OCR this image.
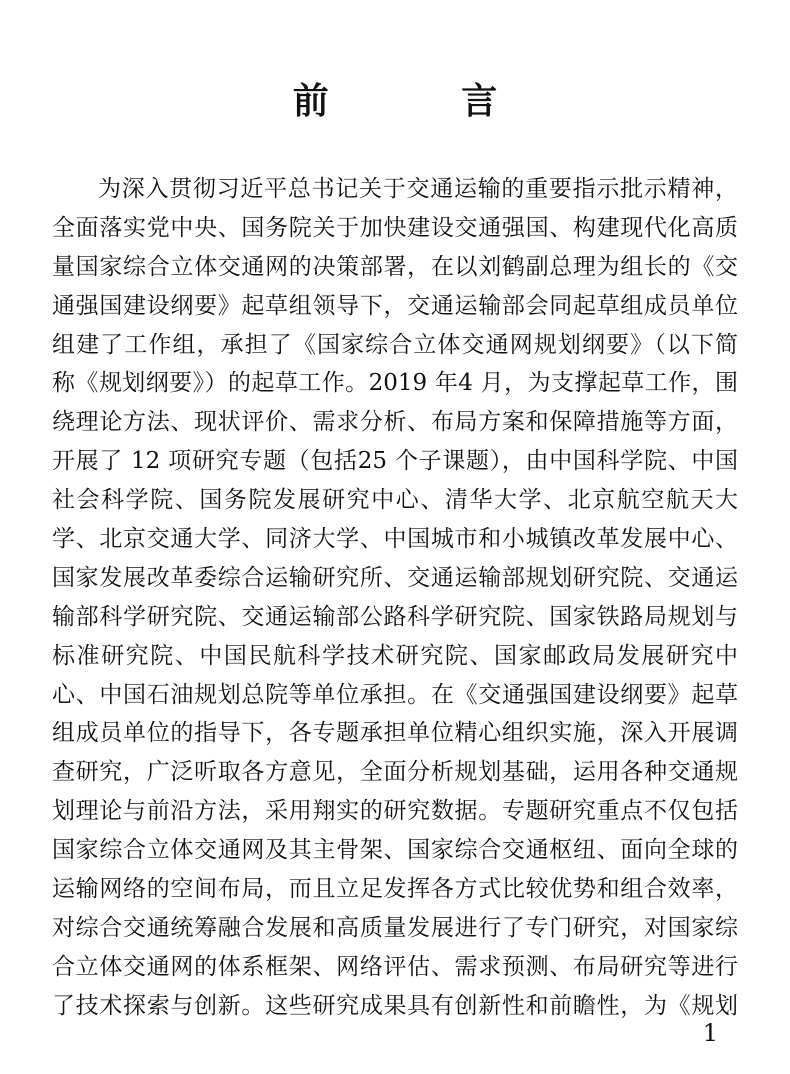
前 言
为深入贯彻习近平总书记关于交通运输的重要指示批示精神，
全面落实党中央、国务院关于加快建设交通强国、构建现代化高质
量国家综合立体交通网的决策部署，在以刘鹤副总理为组长的《交
通强国建设纲要》起草组领导下，交通运输部会同起草组成员单位
组建了工作组，承担了《国家综合立体交通网规划纲要》（以下简
称《规划纲要》）的起草工作。2019 年4 月，为支撑起草工作，围
绕理论方法、现状评价、需求分析、布局方案和保障措施等方面，
开展了 12 项研究专题（包括25 个子课题），由中国科学院、中国
社会科学院、国务院发展研究中心、清华大学、北京航空航天大
学、北京交通大学、同济大学、中国城市和小城镇改革发展中心、
国家发展改革委综合运输研究所、交通运输部规划研究院、交通运
输部科学研究院、交通运输部公路科学研究院、国家铁路局规划与
标准研究院、中国民航科学技术研究院、国家邮政局发展研究中
心、中国石油规划总院等单位承担。在《交通强国建设纲要》起草
组成员单位的指导下，各专题承担单位精心组织实施，深入开展调
查研究，广泛听取各方意见，全面分析规划基础，运用各种交通规
划理论与前沿方法，采用翔实的研究数据。专题研究重点不仅包括
国家综合立体交通网及其主骨架、国家综合交通枢纽、面向全球的
运输网络的空间布局，而且立足发挥各方式比较优势和组合效率，
对综合交通统筹融合发展和高质量发展进行了专门研究，对国家综
合立体交通网的体系框架、网络评估、需求预测、布局研究等进行
了技术探索与创新。这些研究成果具有创新性和前瞻性，为《规划
1
